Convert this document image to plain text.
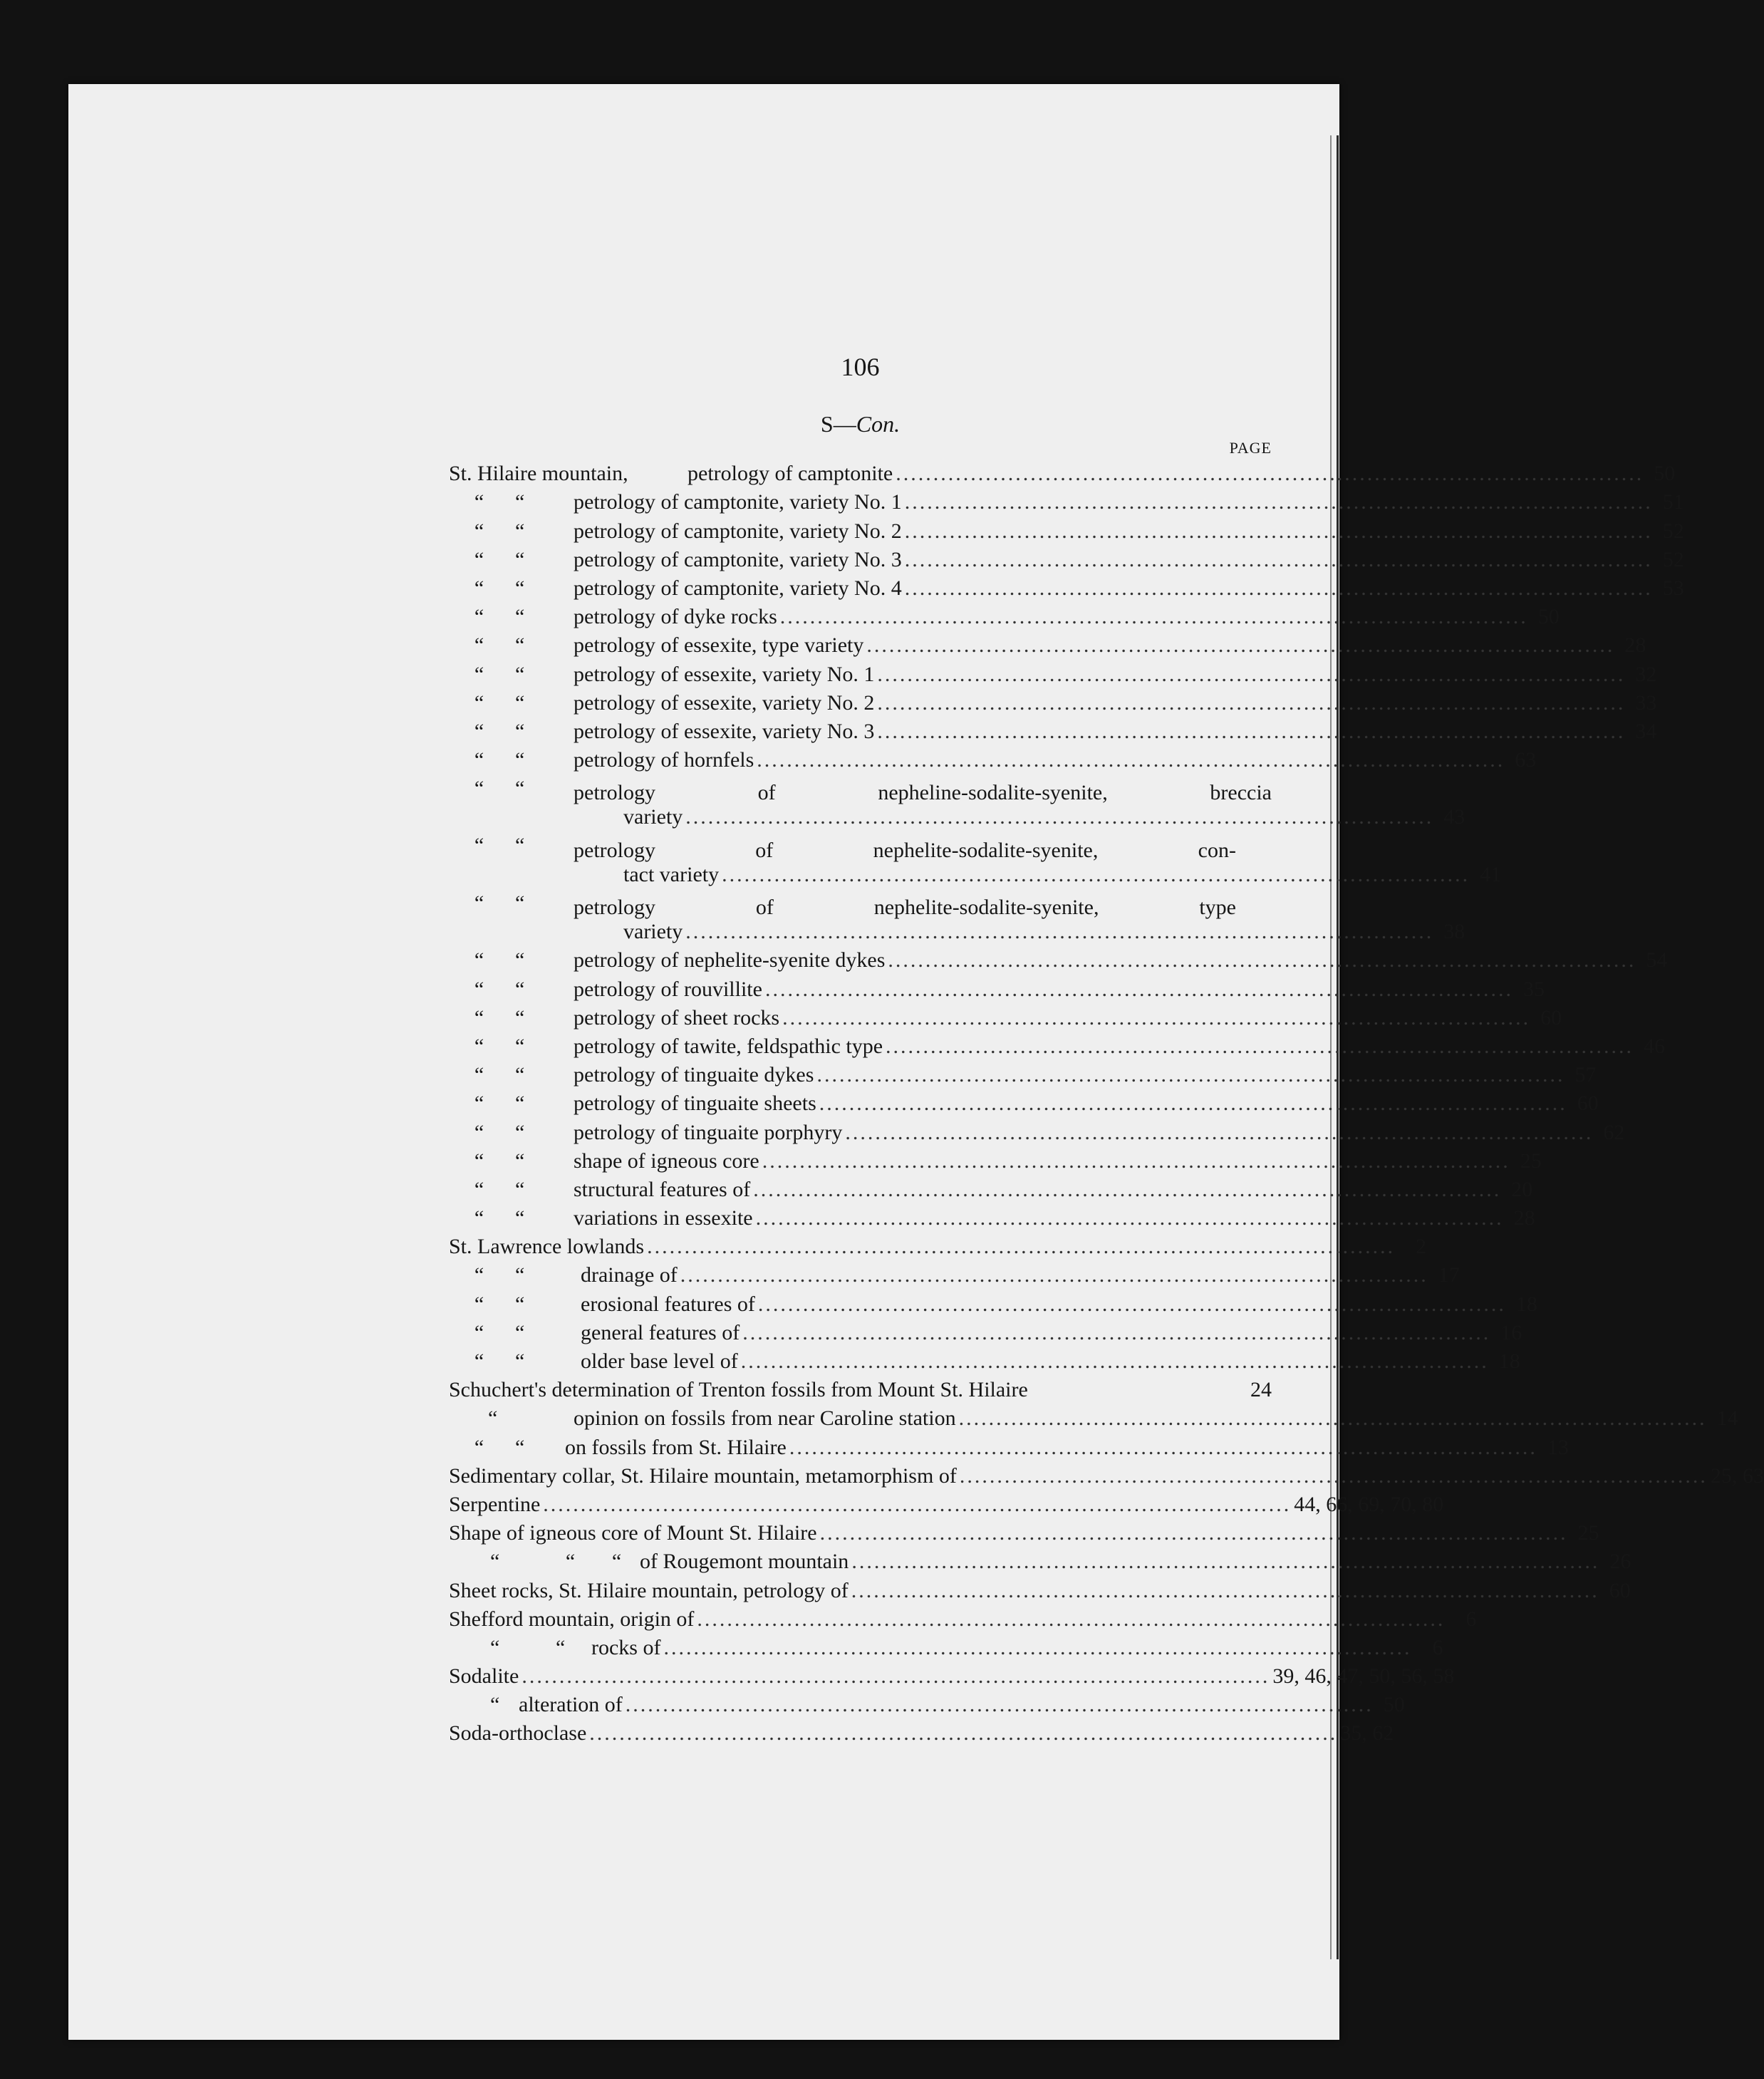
106
S—Con.
PAGE
St. Hilaire mountain,	petrology of camptonite .................................................................................................... 50
“	“	petrology of camptonite, variety No. 1 .................................................................................................... 51
“	“	petrology of camptonite, variety No. 2 .................................................................................................... 52
“	“	petrology of camptonite, variety No. 3 .................................................................................................... 52
“	“	petrology of camptonite, variety No. 4 .................................................................................................... 53
“	“	petrology of dyke rocks .................................................................................................... 50
“	“	petrology of essexite, type variety .................................................................................................... 28
“	“	petrology of essexite, variety No. 1 .................................................................................................... 32
“	“	petrology of essexite, variety No. 2 .................................................................................................... 33
“	“	petrology of essexite, variety No. 3 .................................................................................................... 34
“	“	petrology of hornfels .................................................................................................... 63
“	“	petrology of nepheline-sodalite-syenite, breccia
variety .................................................................................................... 43
“	“	petrology of nephelite-sodalite-syenite, con-
tact variety .................................................................................................... 41
“	“	petrology of nephelite-sodalite-syenite, type
variety .................................................................................................... 38
“	“	petrology of nephelite-syenite dykes .................................................................................................... 54
“	“	petrology of rouvillite .................................................................................................... 35
“	“	petrology of sheet rocks .................................................................................................... 60
“	“	petrology of tawite, feldspathic type .................................................................................................... 46
“	“	petrology of tinguaite dykes .................................................................................................... 57
“	“	petrology of tinguaite sheets .................................................................................................... 60
“	“	petrology of tinguaite porphyry .................................................................................................... 62
“	“	shape of igneous core .................................................................................................... 25
“	“	structural features of .................................................................................................... 20
“	“	variations in essexite .................................................................................................... 28
St. Lawrence lowlands .................................................................................................... 2
“	“	drainage of .................................................................................................... 17
“	“	erosional features of .................................................................................................... 18
“	“	general features of .................................................................................................... 16
“	“	older base level of .................................................................................................... 18
Schuchert's determination of Trenton fossils from Mount St. Hilaire	24
“	opinion on fossils from near Caroline station .................................................................................................... 14
“	“	on fossils from St. Hilaire .................................................................................................... 13
Sedimentary collar, St. Hilaire mountain, metamorphism of .................................................................................................... 25, 63
Serpentine .................................................................................................... 44, 66, 69, 70, 80
Shape of igneous core of Mount St. Hilaire .................................................................................................... 25
“	“	“ of Rougemont mountain .................................................................................................... 26
Sheet rocks, St. Hilaire mountain, petrology of .................................................................................................... 60
Shefford mountain, origin of .................................................................................................... 6
“	“	rocks of .................................................................................................... 6
Sodalite .................................................................................................... 39, 46, 47, 50, 56, 58
“ alteration of .................................................................................................... 50
Soda-orthoclase .................................................................................................... 35, 62
